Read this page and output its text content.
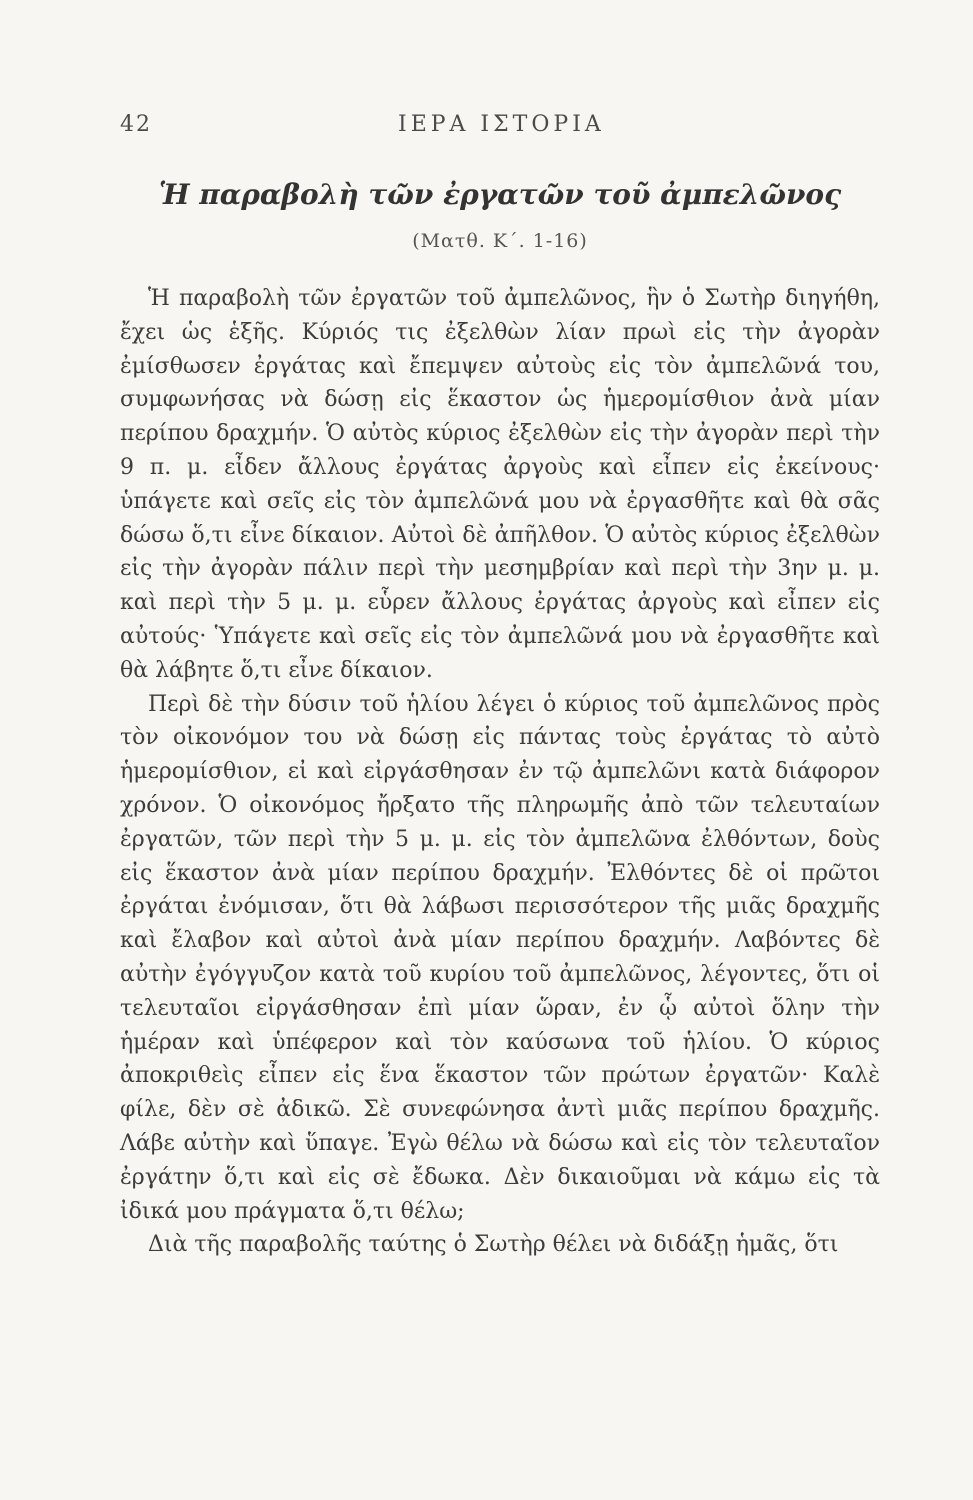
42	ΙΕΡΑ ΙΣΤΟΡΙΑ
Ἡ παραβολὴ τῶν ἐργατῶν τοῦ ἀμπελῶνος
(Ματθ. Κ΄. 1-16)

Ἡ παραβολὴ τῶν ἐργατῶν τοῦ ἀμπελῶνος, ἣν ὁ Σωτὴρ διηγήθη, ἔχει ὡς ἑξῆς. Κύριός τις ἐξελθὼν λίαν πρωὶ εἰς τὴν ἀγορὰν ἐμίσθωσεν ἐργάτας καὶ ἔπεμψεν αὐτοὺς εἰς τὸν ἀμπελῶνά του, συμφωνήσας νὰ δώσῃ εἰς ἕκαστον ὡς ἡμερομίσθιον ἀνὰ μίαν περίπου δραχμήν. Ὁ αὐτὸς κύριος ἐξελθὼν εἰς τὴν ἀγορὰν περὶ τὴν 9 π. μ. εἶδεν ἄλλους ἐργάτας ἀργοὺς καὶ εἶπεν εἰς ἐκείνους· ὑπάγετε καὶ σεῖς εἰς τὸν ἀμπελῶνά μου νὰ ἐργασθῆτε καὶ θὰ σᾶς δώσω ὅ,τι εἶνε δίκαιον. Αὐτοὶ δὲ ἀπῆλθον. Ὁ αὐτὸς κύριος ἐξελθὼν εἰς τὴν ἀγορὰν πάλιν περὶ τὴν μεσημβρίαν καὶ περὶ τὴν 3ην μ. μ. καὶ περὶ τὴν 5 μ. μ. εὗρεν ἄλλους ἐργάτας ἀργοὺς καὶ εἶπεν εἰς αὐτούς· Ὑπάγετε καὶ σεῖς εἰς τὸν ἀμπελῶνά μου νὰ ἐργασθῆτε καὶ θὰ λάβητε ὅ,τι εἶνε δίκαιον.

Περὶ δὲ τὴν δύσιν τοῦ ἡλίου λέγει ὁ κύριος τοῦ ἀμπελῶνος πρὸς τὸν οἰκονόμον του νὰ δώσῃ εἰς πάντας τοὺς ἐργάτας τὸ αὐτὸ ἡμερομίσθιον, εἰ καὶ εἰργάσθησαν ἐν τῷ ἀμπελῶνι κατὰ διάφορον χρόνον. Ὁ οἰκονόμος ἤρξατο τῆς πληρωμῆς ἀπὸ τῶν τελευταίων ἐργατῶν, τῶν περὶ τὴν 5 μ. μ. εἰς τὸν ἀμπελῶνα ἐλθόντων, δοὺς εἰς ἕκαστον ἀνὰ μίαν περίπου δραχμήν. Ἐλθόντες δὲ οἱ πρῶτοι ἐργάται ἐνόμισαν, ὅτι θὰ λάβωσι περισσότερον τῆς μιᾶς δραχμῆς καὶ ἔλαβον καὶ αὐτοὶ ἀνὰ μίαν περίπου δραχμήν. Λαβόντες δὲ αὐτὴν ἐγόγγυζον κατὰ τοῦ κυρίου τοῦ ἀμπελῶνος, λέγοντες, ὅτι οἱ τελευταῖοι εἰργάσθησαν ἐπὶ μίαν ὥραν, ἐν ᾧ αὐτοὶ ὅλην τὴν ἡμέραν καὶ ὑπέφερον καὶ τὸν καύσωνα τοῦ ἡλίου. Ὁ κύριος ἀποκριθεὶς εἶπεν εἰς ἕνα ἕκαστον τῶν πρώτων ἐργατῶν· Καλὲ φίλε, δὲν σὲ ἀδικῶ. Σὲ συνεφώνησα ἀντὶ μιᾶς περίπου δραχμῆς. Λάβε αὐτὴν καὶ ὕπαγε. Ἐγὼ θέλω νὰ δώσω καὶ εἰς τὸν τελευταῖον ἐργάτην ὅ,τι καὶ εἰς σὲ ἔδωκα. Δὲν δικαιοῦμαι νὰ κάμω εἰς τὰ ἰδικά μου πράγματα ὅ,τι θέλω;

Διὰ τῆς παραβολῆς ταύτης ὁ Σωτὴρ θέλει νὰ διδάξῃ ἡμᾶς, ὅτι
